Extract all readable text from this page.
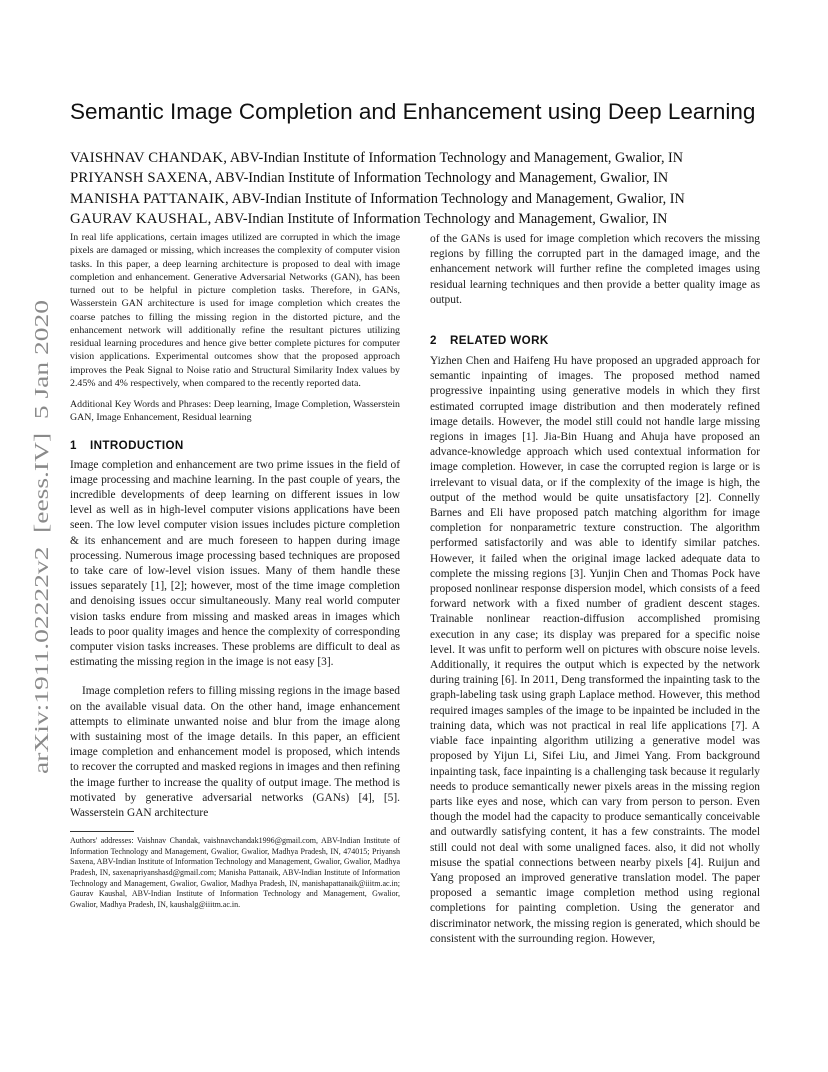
arXiv:1911.02222v2  [eess.IV]  5 Jan 2020
Semantic Image Completion and Enhancement using Deep Learning
VAISHNAV CHANDAK, ABV-Indian Institute of Information Technology and Management, Gwalior, IN
PRIYANSH SAXENA, ABV-Indian Institute of Information Technology and Management, Gwalior, IN
MANISHA PATTANAIK, ABV-Indian Institute of Information Technology and Management, Gwalior, IN
GAURAV KAUSHAL, ABV-Indian Institute of Information Technology and Management, Gwalior, IN

In real life applications, certain images utilized are corrupted in which the image pixels are damaged or missing, which increases the complexity of computer vision tasks. In this paper, a deep learning architecture is proposed to deal with image completion and enhancement. Generative Adversarial Networks (GAN), has been turned out to be helpful in picture completion tasks. Therefore, in GANs, Wasserstein GAN architecture is used for image completion which creates the coarse patches to filling the missing region in the distorted picture, and the enhancement network will additionally refine the resultant pictures utilizing residual learning procedures and hence give better complete pictures for computer vision applications. Experimental outcomes show that the proposed approach improves the Peak Signal to Noise ratio and Structural Similarity Index values by 2.45% and 4% respectively, when compared to the recently reported data.

Additional Key Words and Phrases: Deep learning, Image Completion, Wasserstein GAN, Image Enhancement, Residual learning

1 INTRODUCTION

Image completion and enhancement are two prime issues in the field of image processing and machine learning. In the past couple of years, the incredible developments of deep learning on different issues in low level as well as in high-level computer visions applications have been seen. The low level computer vision issues includes picture completion & its enhancement and are much foreseen to happen during image processing. Numerous image processing based techniques are proposed to take care of low-level vision issues. Many of them handle these issues separately [1], [2]; however, most of the time image completion and denoising issues occur simultaneously. Many real world computer vision tasks endure from missing and masked areas in images which leads to poor quality images and hence the complexity of corresponding computer vision tasks increases. These problems are difficult to deal as estimating the missing region in the image is not easy [3].

Image completion refers to filling missing regions in the image based on the available visual data. On the other hand, image enhancement attempts to eliminate unwanted noise and blur from the image along with sustaining most of the image details. In this paper, an efficient image completion and enhancement model is proposed, which intends to recover the corrupted and masked regions in images and then refining the image further to increase the quality of output image. The method is motivated by generative adversarial networks (GANs) [4], [5]. Wasserstein GAN architecture

Authors' addresses: Vaishnav Chandak, vaishnavchandak1996@gmail.com, ABV-Indian Institute of Information Technology and Management, Gwalior, Gwalior, Madhya Pradesh, IN, 474015; Priyansh Saxena, ABV-Indian Institute of Information Technology and Management, Gwalior, Gwalior, Madhya Pradesh, IN, saxenapriyanshasd@gmail.com; Manisha Pattanaik, ABV-Indian Institute of Information Technology and Management, Gwalior, Gwalior, Madhya Pradesh, IN, manishapattanaik@iiitm.ac.in; Gaurav Kaushal, ABV-Indian Institute of Information Technology and Management, Gwalior, Gwalior, Madhya Pradesh, IN, kaushalg@iiitm.ac.in.

of the GANs is used for image completion which recovers the missing regions by filling the corrupted part in the damaged image, and the enhancement network will further refine the completed images using residual learning techniques and then provide a better quality image as output.

2 RELATED WORK

Yizhen Chen and Haifeng Hu have proposed an upgraded approach for semantic inpainting of images. The proposed method named progressive inpainting using generative models in which they first estimated corrupted image distribution and then moderately refined image details. However, the model still could not handle large missing regions in images [1]. Jia-Bin Huang and Ahuja have proposed an advance-knowledge approach which used contextual information for image completion. However, in case the corrupted region is large or is irrelevant to visual data, or if the complexity of the image is high, the output of the method would be quite unsatisfactory [2]. Connelly Barnes and Eli have proposed patch matching algorithm for image completion for nonparametric texture construction. The algorithm performed satisfactorily and was able to identify similar patches. However, it failed when the original image lacked adequate data to complete the missing regions [3]. Yunjin Chen and Thomas Pock have proposed nonlinear response dispersion model, which consists of a feed forward network with a fixed number of gradient descent stages. Trainable nonlinear reaction-diffusion accomplished promising execution in any case; its display was prepared for a specific noise level. It was unfit to perform well on pictures with obscure noise levels. Additionally, it requires the output which is expected by the network during training [6]. In 2011, Deng transformed the inpainting task to the graph-labeling task using graph Laplace method. However, this method required images samples of the image to be inpainted be included in the training data, which was not practical in real life applications [7]. A viable face inpainting algorithm utilizing a generative model was proposed by Yijun Li, Sifei Liu, and Jimei Yang. From background inpainting task, face inpainting is a challenging task because it regularly needs to produce semantically newer pixels areas in the missing region parts like eyes and nose, which can vary from person to person. Even though the model had the capacity to produce semantically conceivable and outwardly satisfying content, it has a few constraints. The model still could not deal with some unaligned faces. also, it did not wholly misuse the spatial connections between nearby pixels [4]. Ruijun and Yang proposed an improved generative translation model. The paper proposed a semantic image completion method using regional completions for painting completion. Using the generator and discriminator network, the missing region is generated, which should be consistent with the surrounding region. However,
